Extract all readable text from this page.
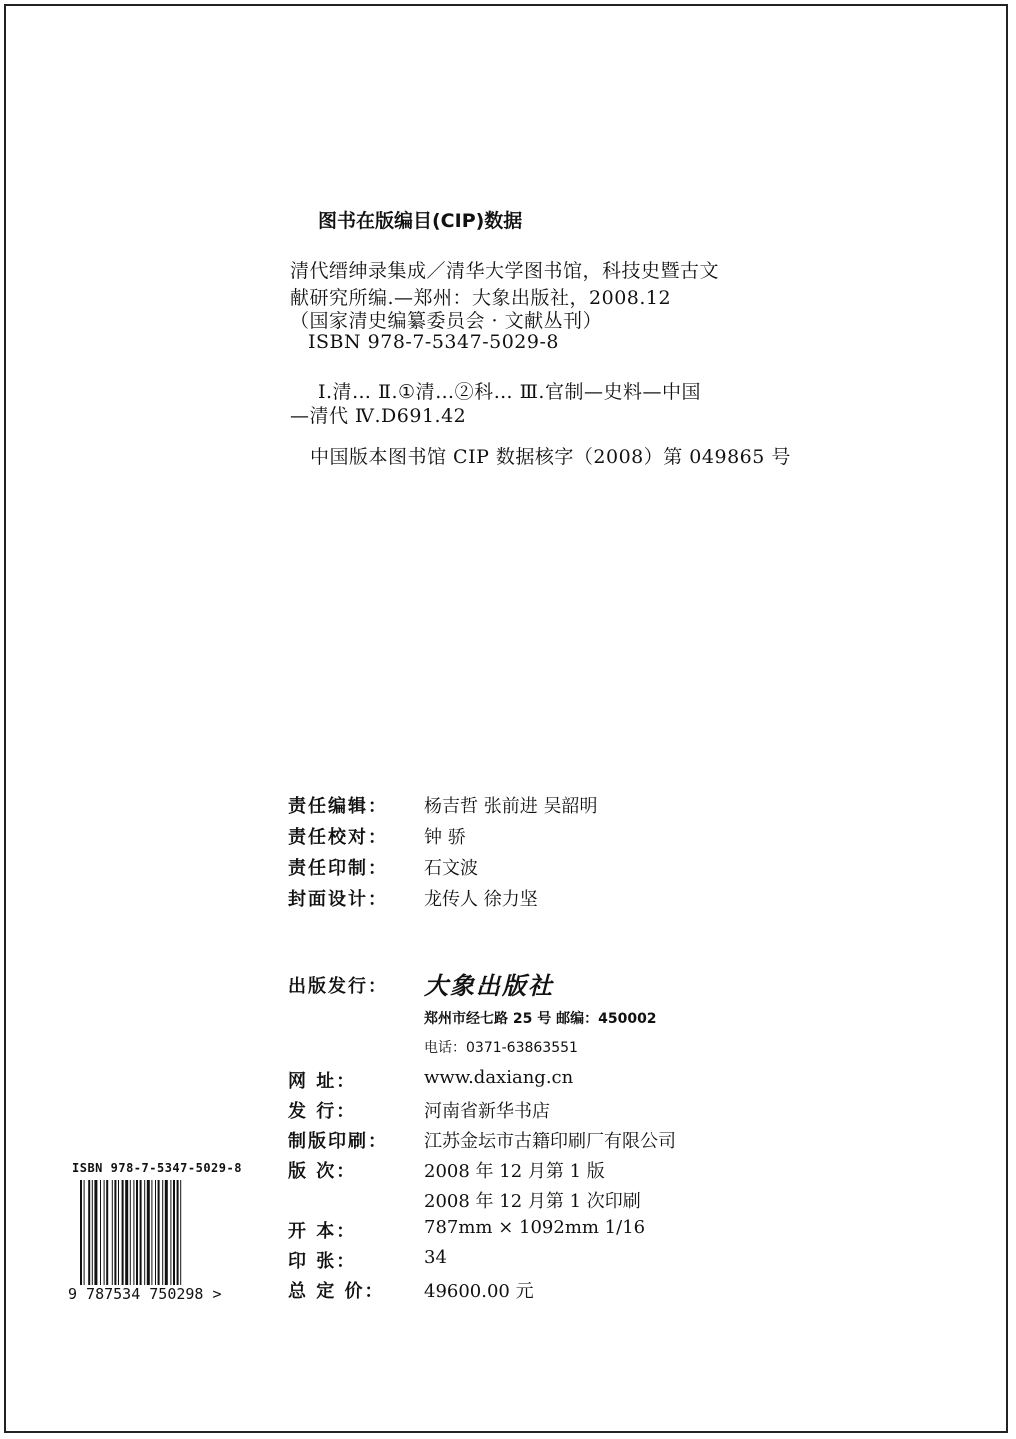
图书在版编目(CIP)数据
清代缙绅录集成／清华大学图书馆，科技史暨古文
献研究所编.—郑州：大象出版社，2008.12
（国家清史编纂委员会 · 文献丛刊）
ISBN 978-7-5347-5029-8
Ⅰ.清… Ⅱ.①清…②科… Ⅲ.官制—史料—中国
—清代 Ⅳ.D691.42
中国版本图书馆 CIP 数据核字（2008）第 049865 号
责任编辑： 杨吉哲 张前进 吴韶明
责任校对： 钟 骄
责任印制： 石文波
封面设计： 龙传人 徐力坚
出版发行： 大象出版社
郑州市经七路 25 号 邮编：450002
电话：0371-63863551
网 址：	www.daxiang.cn
发 行：	河南省新华书店
制版印刷： 江苏金坛市古籍印刷厂有限公司
版 次：	2008 年 12 月第 1 版
2008 年 12 月第 1 次印刷
开 本：	787mm × 1092mm 1/16
印 张：	34
总 定 价： 49600.00 元
ISBN 978-7-5347-5029-8
9 787534 750298 >
